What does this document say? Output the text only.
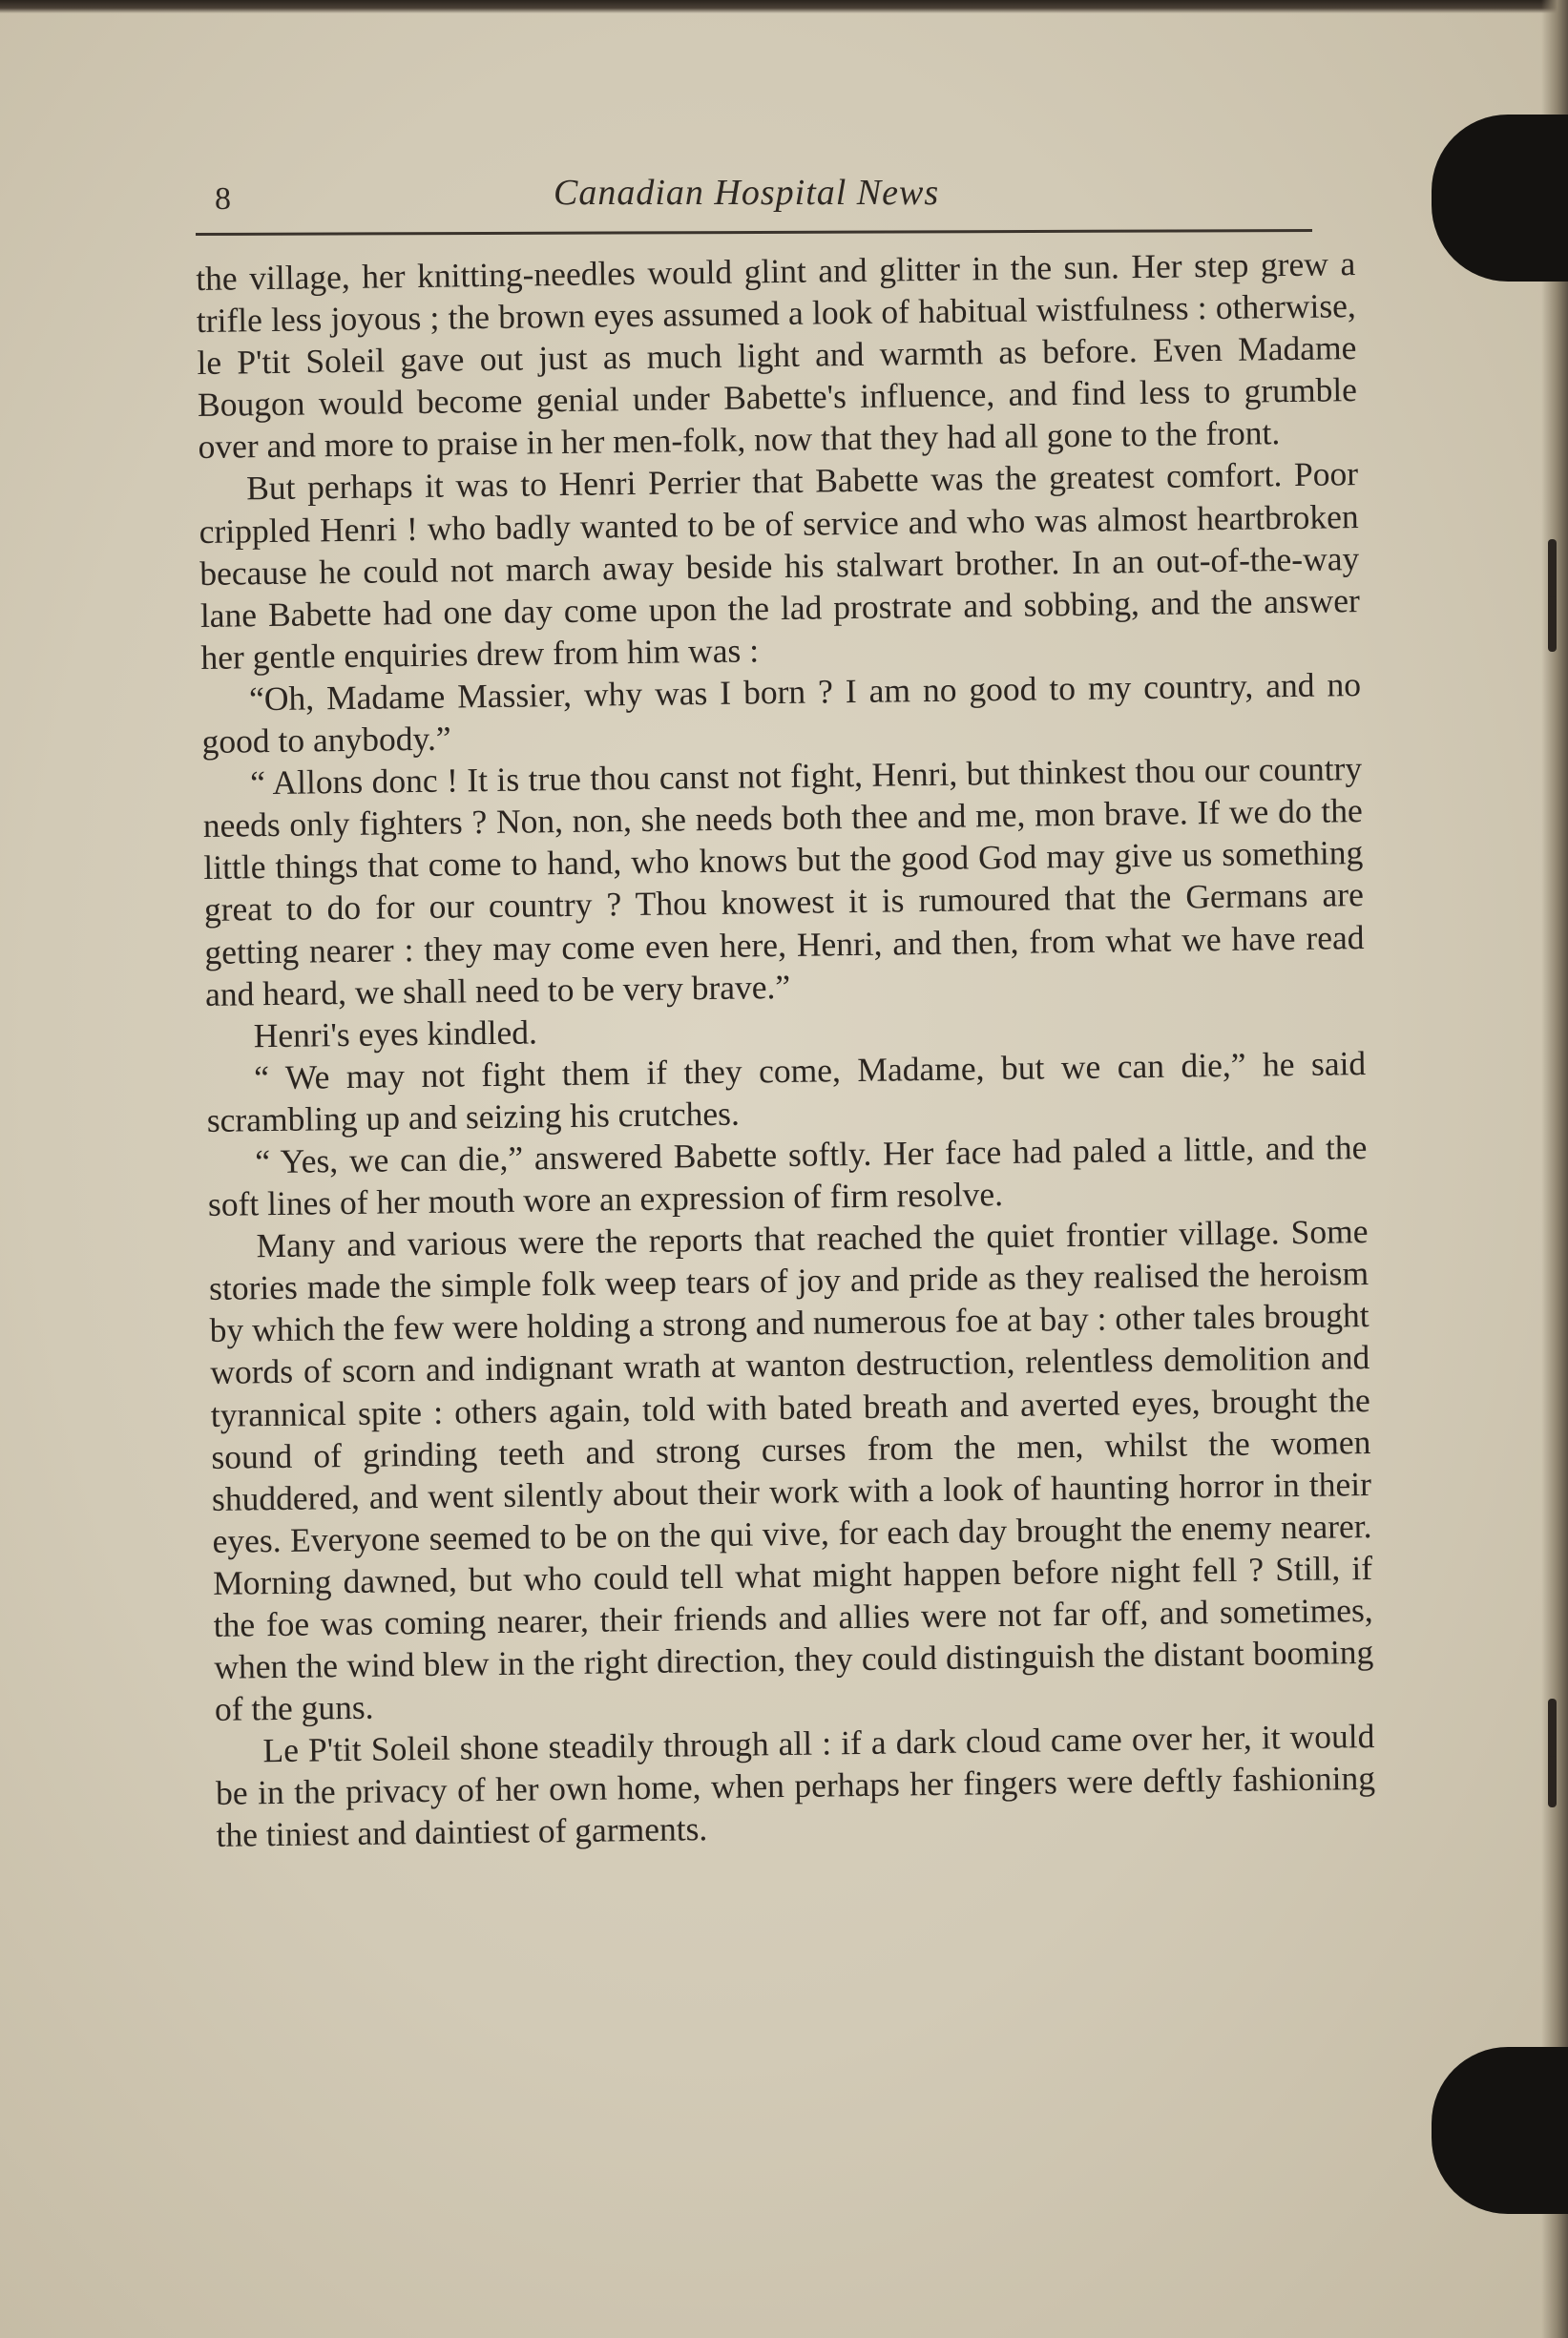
8	Canadian Hospital News

the village, her knitting-needles would glint and glitter in the sun. Her step grew a trifle less joyous ; the brown eyes assumed a look of habitual wistfulness : otherwise, le P'tit Soleil gave out just as much light and warmth as before. Even Madame Bougon would become genial under Babette's influence, and find less to grumble over and more to praise in her men-folk, now that they had all gone to the front.

But perhaps it was to Henri Perrier that Babette was the greatest comfort. Poor crippled Henri ! who badly wanted to be of service and who was almost heartbroken because he could not march away beside his stalwart brother. In an out-of-the-way lane Babette had one day come upon the lad prostrate and sobbing, and the answer her gentle enquiries drew from him was :

“Oh, Madame Massier, why was I born ? I am no good to my country, and no good to anybody.”

“ Allons donc ! It is true thou canst not fight, Henri, but thinkest thou our country needs only fighters ? Non, non, she needs both thee and me, mon brave. If we do the little things that come to hand, who knows but the good God may give us something great to do for our country ? Thou knowest it is rumoured that the Germans are getting nearer : they may come even here, Henri, and then, from what we have read and heard, we shall need to be very brave.”

Henri's eyes kindled.

“ We may not fight them if they come, Madame, but we can die,” he said scrambling up and seizing his crutches.

“ Yes, we can die,” answered Babette softly. Her face had paled a little, and the soft lines of her mouth wore an expression of firm resolve.

Many and various were the reports that reached the quiet frontier village. Some stories made the simple folk weep tears of joy and pride as they realised the heroism by which the few were holding a strong and numerous foe at bay : other tales brought words of scorn and indignant wrath at wanton destruction, relentless demolition and tyrannical spite : others again, told with bated breath and averted eyes, brought the sound of grinding teeth and strong curses from the men, whilst the women shuddered, and went silently about their work with a look of haunting horror in their eyes. Everyone seemed to be on the qui vive, for each day brought the enemy nearer. Morning dawned, but who could tell what might happen before night fell ? Still, if the foe was coming nearer, their friends and allies were not far off, and sometimes, when the wind blew in the right direction, they could distinguish the distant booming of the guns.

Le P'tit Soleil shone steadily through all : if a dark cloud came over her, it would be in the privacy of her own home, when perhaps her fingers were deftly fashioning the tiniest and daintiest of garments.
